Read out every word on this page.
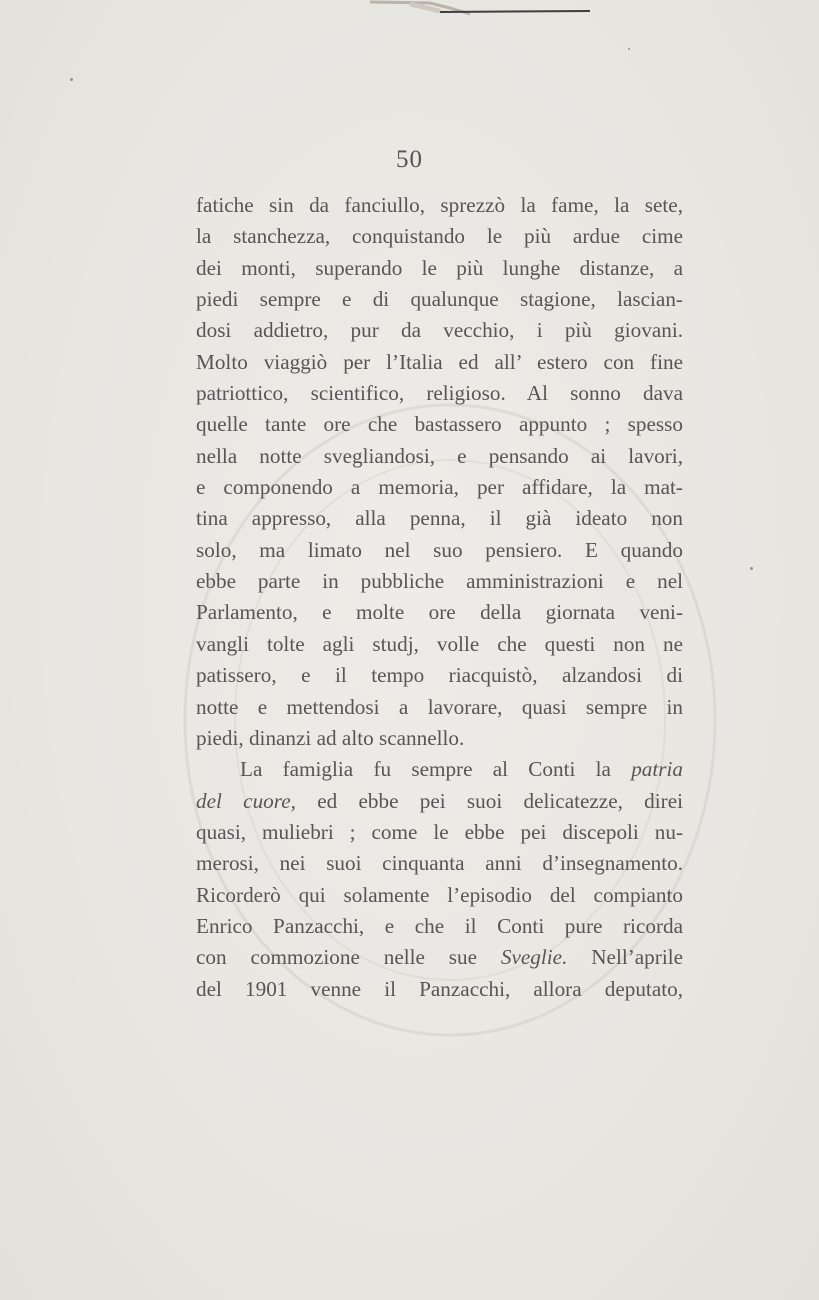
50
fatiche sin da fanciullo, sprezzò la fame, la sete,
la stanchezza, conquistando le più ardue cime
dei monti, superando le più lunghe distanze, a
piedi sempre e di qualunque stagione, lascian-
dosi addietro, pur da vecchio, i più giovani.
Molto viaggiò per l’Italia ed all’ estero con fine
patriottico, scientifico, religioso. Al sonno dava
quelle tante ore che bastassero appunto ; spesso
nella notte svegliandosi, e pensando ai lavori,
e componendo a memoria, per affidare, la mat-
tina appresso, alla penna, il già ideato non
solo, ma limato nel suo pensiero. E quando
ebbe parte in pubbliche amministrazioni e nel
Parlamento, e molte ore della giornata veni-
vangli tolte agli studj, volle che questi non ne
patissero, e il tempo riacquistò, alzandosi di
notte e mettendosi a lavorare, quasi sempre in
piedi, dinanzi ad alto scannello.
La famiglia fu sempre al Conti la patria
del cuore, ed ebbe pei suoi delicatezze, direi
quasi, muliebri ; come le ebbe pei discepoli nu-
merosi, nei suoi cinquanta anni d’insegnamento.
Ricorderò qui solamente l’episodio del compianto
Enrico Panzacchi, e che il Conti pure ricorda
con commozione nelle sue Sveglie. Nell’aprile
del 1901 venne il Panzacchi, allora deputato,
